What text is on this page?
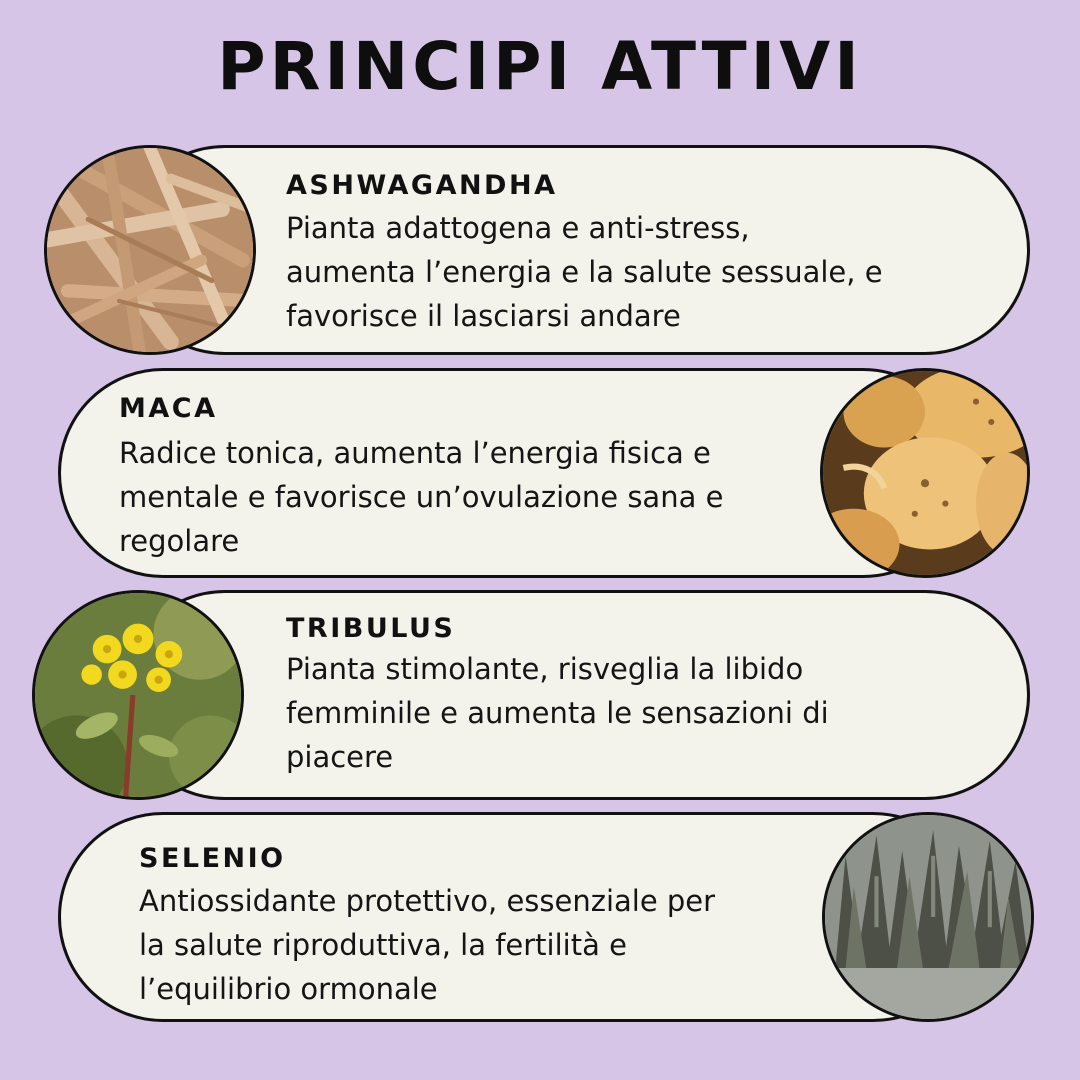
PRINCIPI ATTIVI
ASHWAGANDHA
Pianta adattogena e anti-stress,
aumenta l’energia e la salute sessuale, e
favorisce il lasciarsi andare
MACA
Radice tonica, aumenta l’energia fisica e
mentale e favorisce un’ovulazione sana e
regolare
TRIBULUS
Pianta stimolante, risveglia la libido
femminile e aumenta le sensazioni di
piacere
SELENIO
Antiossidante protettivo, essenziale per
la salute riproduttiva, la fertilità e
l’equilibrio ormonale
